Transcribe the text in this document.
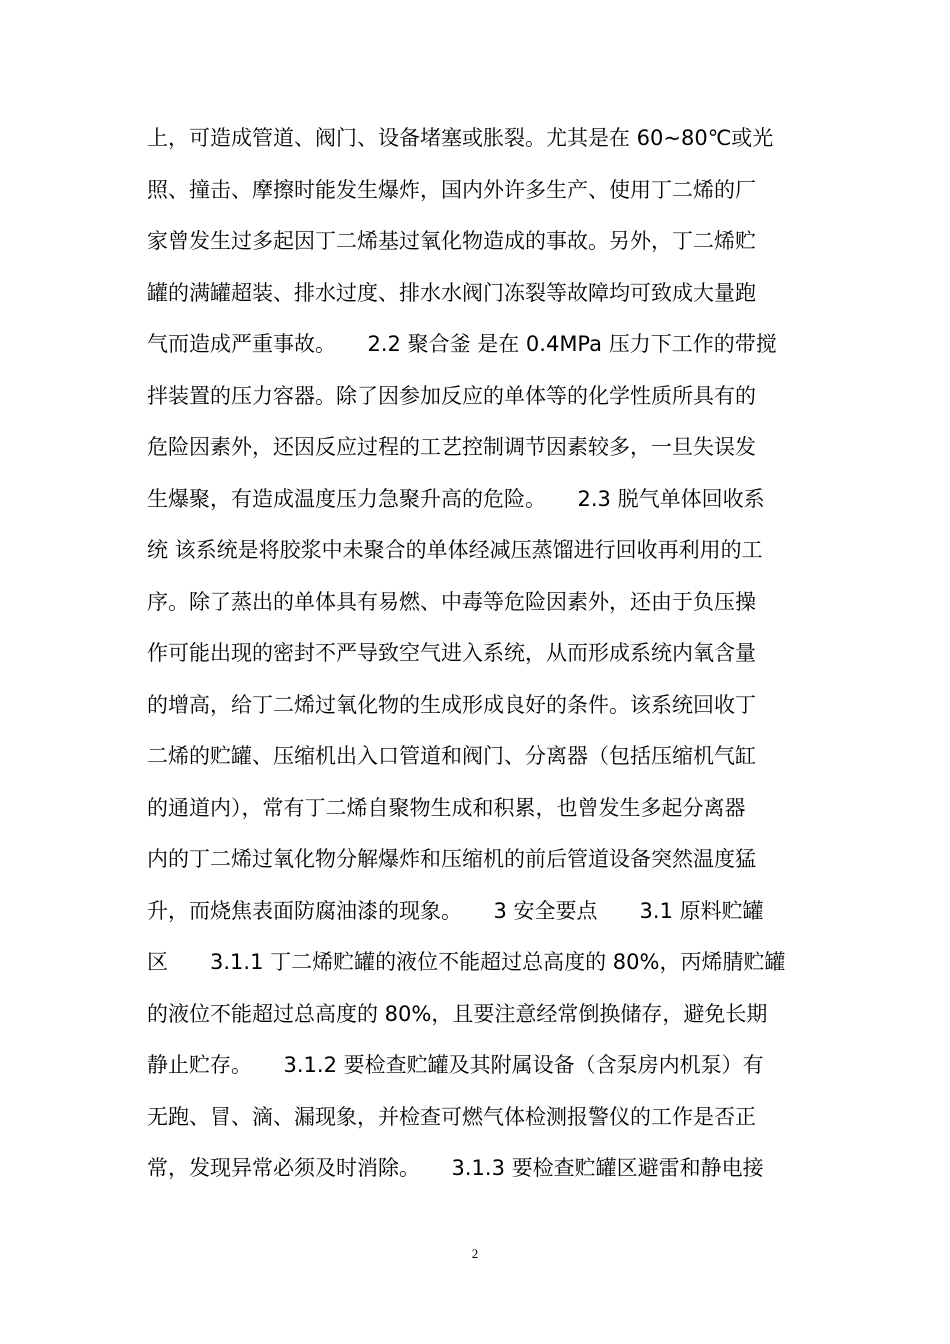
上，可造成管道、阀门、设备堵塞或胀裂。尤其是在 60~80℃或光
照、撞击、摩擦时能发生爆炸，国内外许多生产、使用丁二烯的厂
家曾发生过多起因丁二烯基过氧化物造成的事故。另外，丁二烯贮
罐的满罐超装、排水过度、排水水阀门冻裂等故障均可致成大量跑
气而造成严重事故。　　2.2 聚合釜 是在 0.4MPa 压力下工作的带搅
拌装置的压力容器。除了因参加反应的单体等的化学性质所具有的
危险因素外，还因反应过程的工艺控制调节因素较多，一旦失误发
生爆聚，有造成温度压力急聚升高的危险。　　2.3 脱气单体回收系
统 该系统是将胶浆中未聚合的单体经减压蒸馏进行回收再利用的工
序。除了蒸出的单体具有易燃、中毒等危险因素外，还由于负压操
作可能出现的密封不严导致空气进入系统，从而形成系统内氧含量
的增高，给丁二烯过氧化物的生成形成良好的条件。该系统回收丁
二烯的贮罐、压缩机出入口管道和阀门、分离器（包括压缩机气缸
的通道内），常有丁二烯自聚物生成和积累，也曾发生多起分离器
内的丁二烯过氧化物分解爆炸和压缩机的前后管道设备突然温度猛
升，而烧焦表面防腐油漆的现象。　　3 安全要点　　3.1 原料贮罐
区　　3.1.1 丁二烯贮罐的液位不能超过总高度的 80%，丙烯腈贮罐
的液位不能超过总高度的 80%，且要注意经常倒换储存，避免长期
静止贮存。　　3.1.2 要检查贮罐及其附属设备（含泵房内机泵）有
无跑、冒、滴、漏现象，并检查可燃气体检测报警仪的工作是否正
常，发现异常必须及时消除。　　3.1.3 要检查贮罐区避雷和静电接
2
